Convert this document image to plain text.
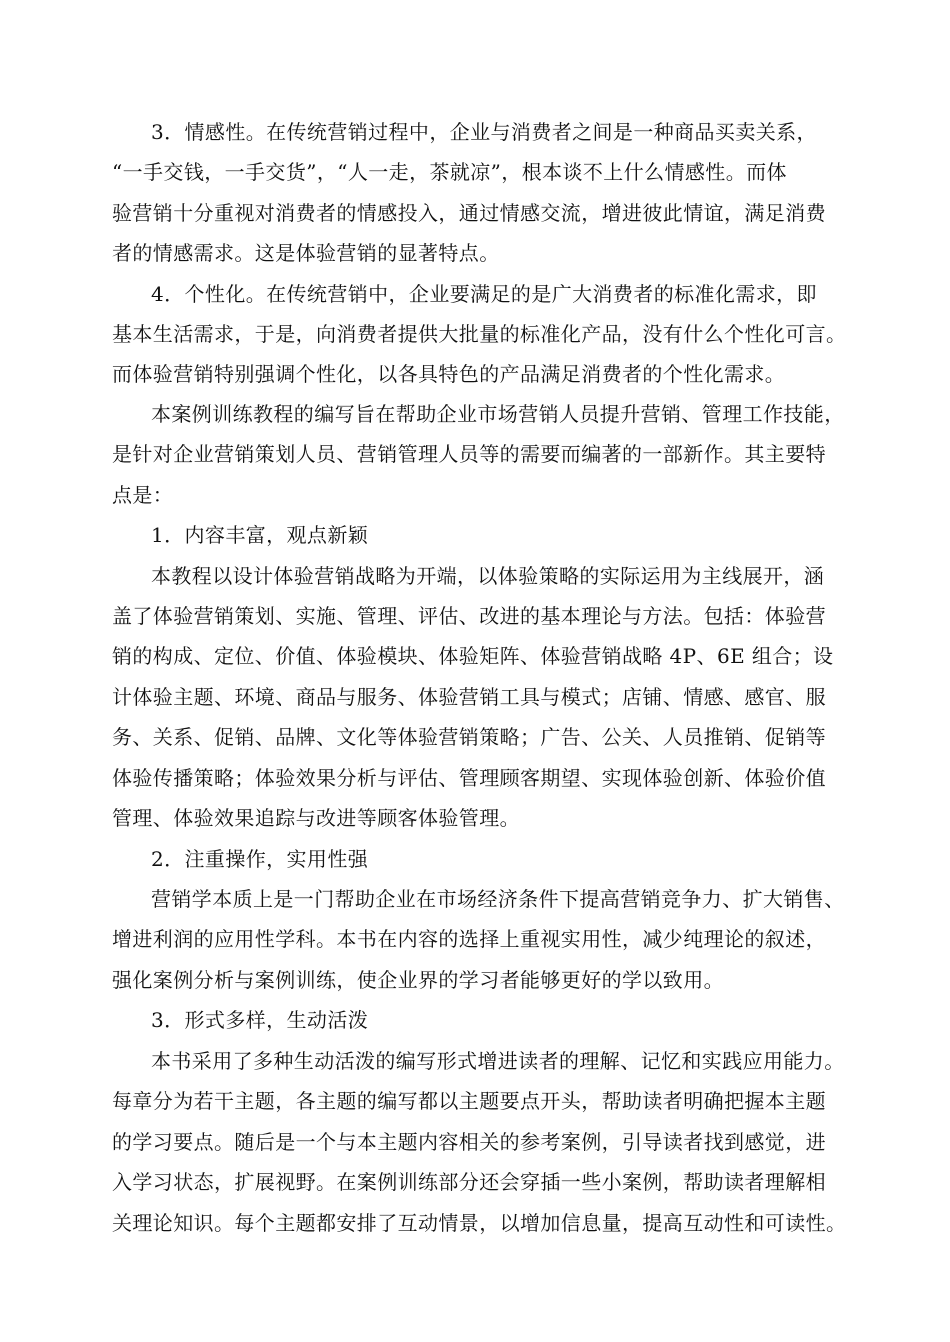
3．情感性。在传统营销过程中，企业与消费者之间是一种商品买卖关系，
“一手交钱，一手交货”，“人一走，茶就凉”，根本谈不上什么情感性。而体
验营销十分重视对消费者的情感投入，通过情感交流，增进彼此情谊，满足消费
者的情感需求。这是体验营销的显著特点。
4．个性化。在传统营销中，企业要满足的是广大消费者的标准化需求，即
基本生活需求，于是，向消费者提供大批量的标准化产品，没有什么个性化可言。
而体验营销特别强调个性化，以各具特色的产品满足消费者的个性化需求。
本案例训练教程的编写旨在帮助企业市场营销人员提升营销、管理工作技能，
是针对企业营销策划人员、营销管理人员等的需要而编著的一部新作。其主要特
点是：
1．内容丰富，观点新颖
本教程以设计体验营销战略为开端，以体验策略的实际运用为主线展开，涵
盖了体验营销策划、实施、管理、评估、改进的基本理论与方法。包括：体验营
销的构成、定位、价值、体验模块、体验矩阵、体验营销战略 4P、6E 组合；设
计体验主题、环境、商品与服务、体验营销工具与模式；店铺、情感、感官、服
务、关系、促销、品牌、文化等体验营销策略；广告、公关、人员推销、促销等
体验传播策略；体验效果分析与评估、管理顾客期望、实现体验创新、体验价值
管理、体验效果追踪与改进等顾客体验管理。
2．注重操作，实用性强
营销学本质上是一门帮助企业在市场经济条件下提高营销竞争力、扩大销售、
增进利润的应用性学科。本书在内容的选择上重视实用性，减少纯理论的叙述，
强化案例分析与案例训练，使企业界的学习者能够更好的学以致用。
3．形式多样，生动活泼
本书采用了多种生动活泼的编写形式增进读者的理解、记忆和实践应用能力。
每章分为若干主题，各主题的编写都以主题要点开头，帮助读者明确把握本主题
的学习要点。随后是一个与本主题内容相关的参考案例，引导读者找到感觉，进
入学习状态，扩展视野。在案例训练部分还会穿插一些小案例，帮助读者理解相
关理论知识。每个主题都安排了互动情景，以增加信息量，提高互动性和可读性。
